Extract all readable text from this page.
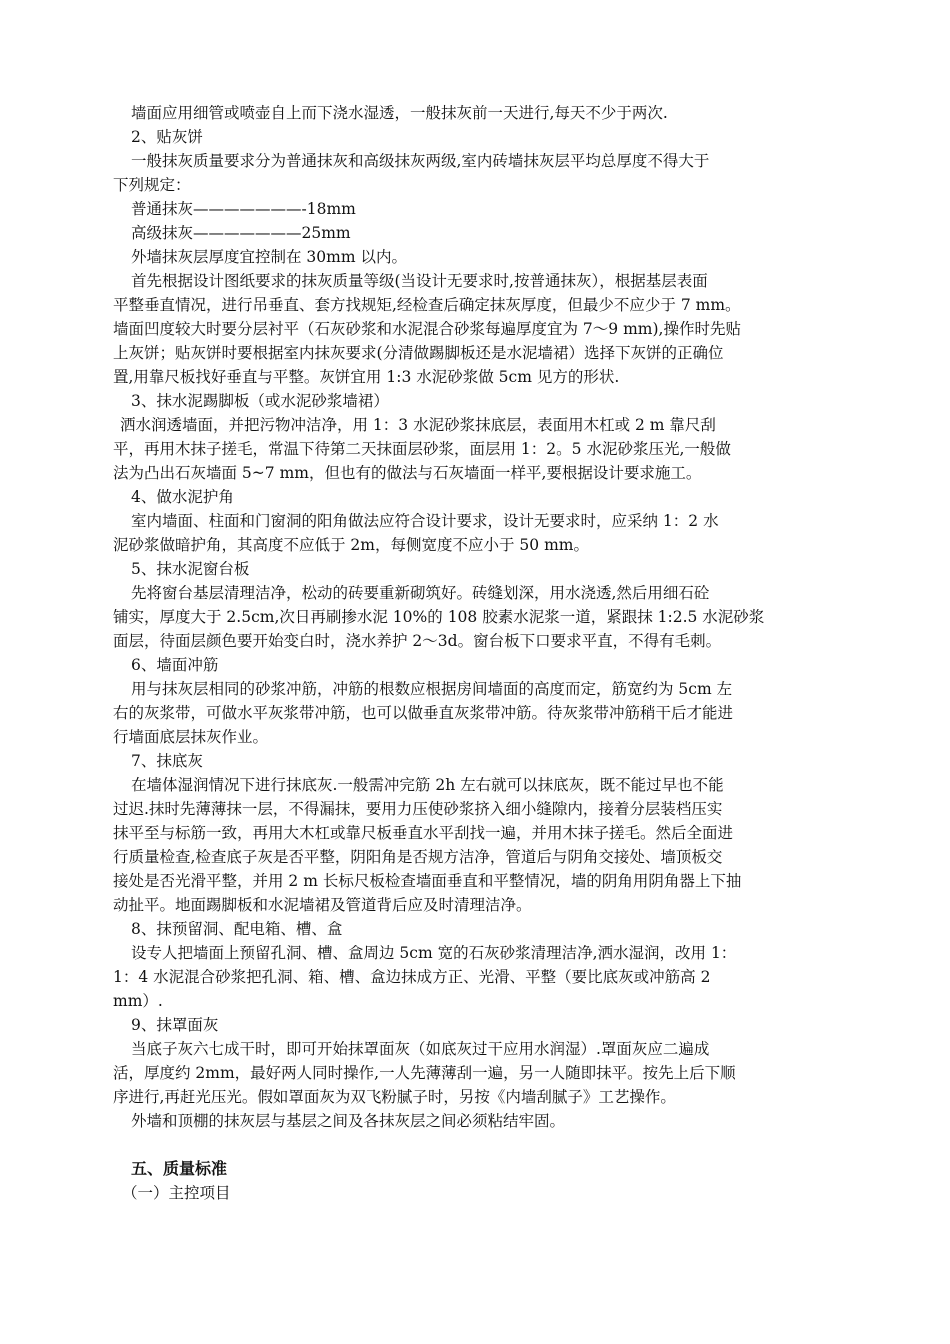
墙面应用细管或喷壶自上而下浇水湿透，一般抹灰前一天进行,每天不少于两次.
2、贴灰饼
一般抹灰质量要求分为普通抹灰和高级抹灰两级,室内砖墙抹灰层平均总厚度不得大于
下列规定：
普通抹灰———————-18mm
高级抹灰———————25mm
外墙抹灰层厚度宜控制在 30mm 以内。
首先根据设计图纸要求的抹灰质量等级(当设计无要求时,按普通抹灰），根据基层表面
平整垂直情况，进行吊垂直、套方找规矩,经检查后确定抹灰厚度，但最少不应少于 7 mm。
墙面凹度较大时要分层衬平（石灰砂浆和水泥混合砂浆每遍厚度宜为 7～9 mm),操作时先贴
上灰饼；贴灰饼时要根据室内抹灰要求(分清做踢脚板还是水泥墙裙）选择下灰饼的正确位
置,用靠尺板找好垂直与平整。灰饼宜用 1:3 水泥砂浆做 5cm 见方的形状.
3、抹水泥踢脚板（或水泥砂浆墙裙）
洒水润透墙面，并把污物冲洁净，用 1：3 水泥砂浆抹底层，表面用木杠或 2 m 靠尺刮
平，再用木抹子搓毛，常温下待第二天抹面层砂浆，面层用 1：2。5 水泥砂浆压光,一般做
法为凸出石灰墙面 5~7 mm，但也有的做法与石灰墙面一样平,要根据设计要求施工。
4、做水泥护角
室内墙面、柱面和门窗洞的阳角做法应符合设计要求，设计无要求时，应采纳 1：2 水
泥砂浆做暗护角，其高度不应低于 2m，每侧宽度不应小于 50 mm。
5、抹水泥窗台板
先将窗台基层清理洁净，松动的砖要重新砌筑好。砖缝划深，用水浇透,然后用细石砼
铺实，厚度大于 2.5cm,次日再刷掺水泥 10%的 108 胶素水泥浆一道，紧跟抹 1:2.5 水泥砂浆
面层，待面层颜色要开始变白时，浇水养护 2～3d。窗台板下口要求平直，不得有毛刺。
6、墙面冲筋
用与抹灰层相同的砂浆冲筋，冲筋的根数应根据房间墙面的高度而定，筋宽约为 5cm 左
右的灰浆带，可做水平灰浆带冲筋，也可以做垂直灰浆带冲筋。待灰浆带冲筋稍干后才能进
行墙面底层抹灰作业。
7、抹底灰
在墙体湿润情况下进行抹底灰.一般需冲完筋 2h 左右就可以抹底灰，既不能过早也不能
过迟.抹时先薄薄抹一层，不得漏抹，要用力压使砂浆挤入细小缝隙内，接着分层装档压实
抹平至与标筋一致，再用大木杠或靠尺板垂直水平刮找一遍，并用木抹子搓毛。然后全面进
行质量检查,检查底子灰是否平整，阴阳角是否规方洁净，管道后与阴角交接处、墙顶板交
接处是否光滑平整，并用 2 m 长标尺板检查墙面垂直和平整情况，墙的阴角用阴角器上下抽
动扯平。地面踢脚板和水泥墙裙及管道背后应及时清理洁净。
8、抹预留洞、配电箱、槽、盒
设专人把墙面上预留孔洞、槽、盒周边 5cm 宽的石灰砂浆清理洁净,洒水湿润，改用 1：
1：4 水泥混合砂浆把孔洞、箱、槽、盒边抹成方正、光滑、平整（要比底灰或冲筋高 2
mm）.
9、抹罩面灰
当底子灰六七成干时，即可开始抹罩面灰（如底灰过干应用水润湿）.罩面灰应二遍成
活，厚度约 2mm，最好两人同时操作,一人先薄薄刮一遍，另一人随即抹平。按先上后下顺
序进行,再赶光压光。假如罩面灰为双飞粉腻子时，另按《内墙刮腻子》工艺操作。
外墙和顶棚的抹灰层与基层之间及各抹灰层之间必须粘结牢固。
五、质量标准
（一）主控项目
